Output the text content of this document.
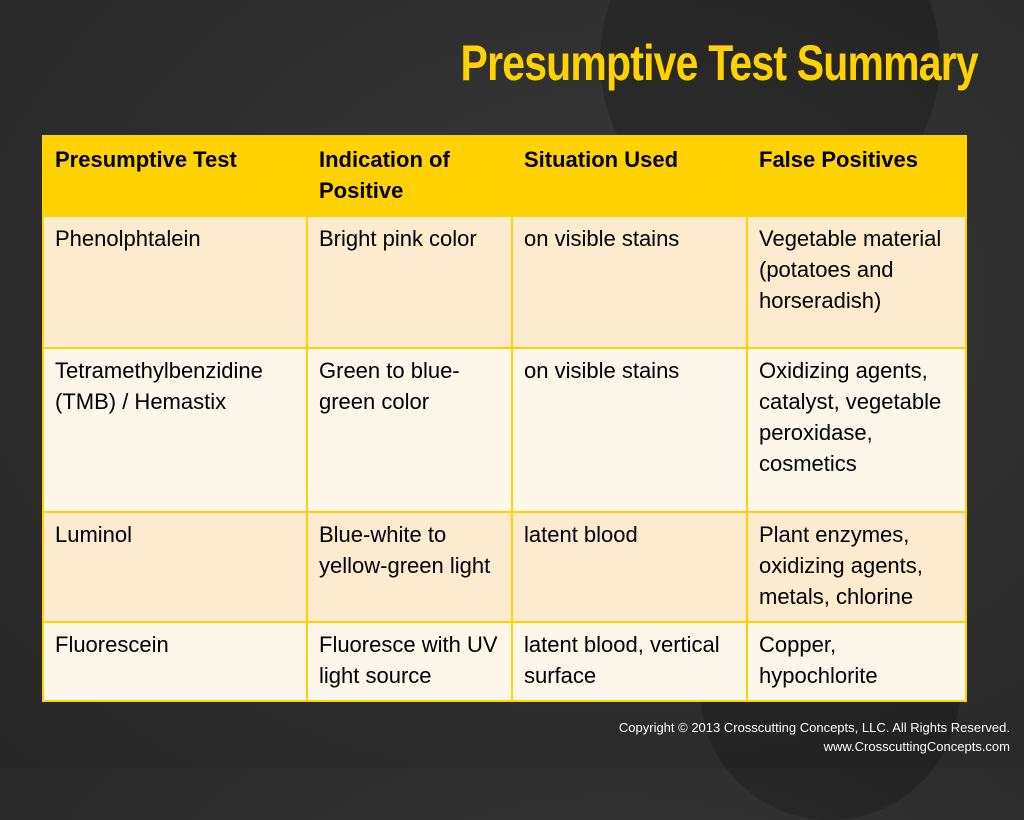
Presumptive Test Summary
Presumptive Test	Indication of Positive	Situation Used	False Positives
Phenolphtalein	Bright pink color	on visible stains	Vegetable material (potatoes and horseradish)
Tetramethylbenzidine (TMB) / Hemastix	Green to blue-green color	on visible stains	Oxidizing agents, catalyst, vegetable peroxidase, cosmetics
Luminol	Blue-white to yellow-green light	latent blood	Plant enzymes, oxidizing agents, metals, chlorine
Fluorescein	Fluoresce with UV light source	latent blood, vertical surface	Copper, hypochlorite
Copyright © 2013 Crosscutting Concepts, LLC. All Rights Reserved.
www.CrosscuttingConcepts.com
